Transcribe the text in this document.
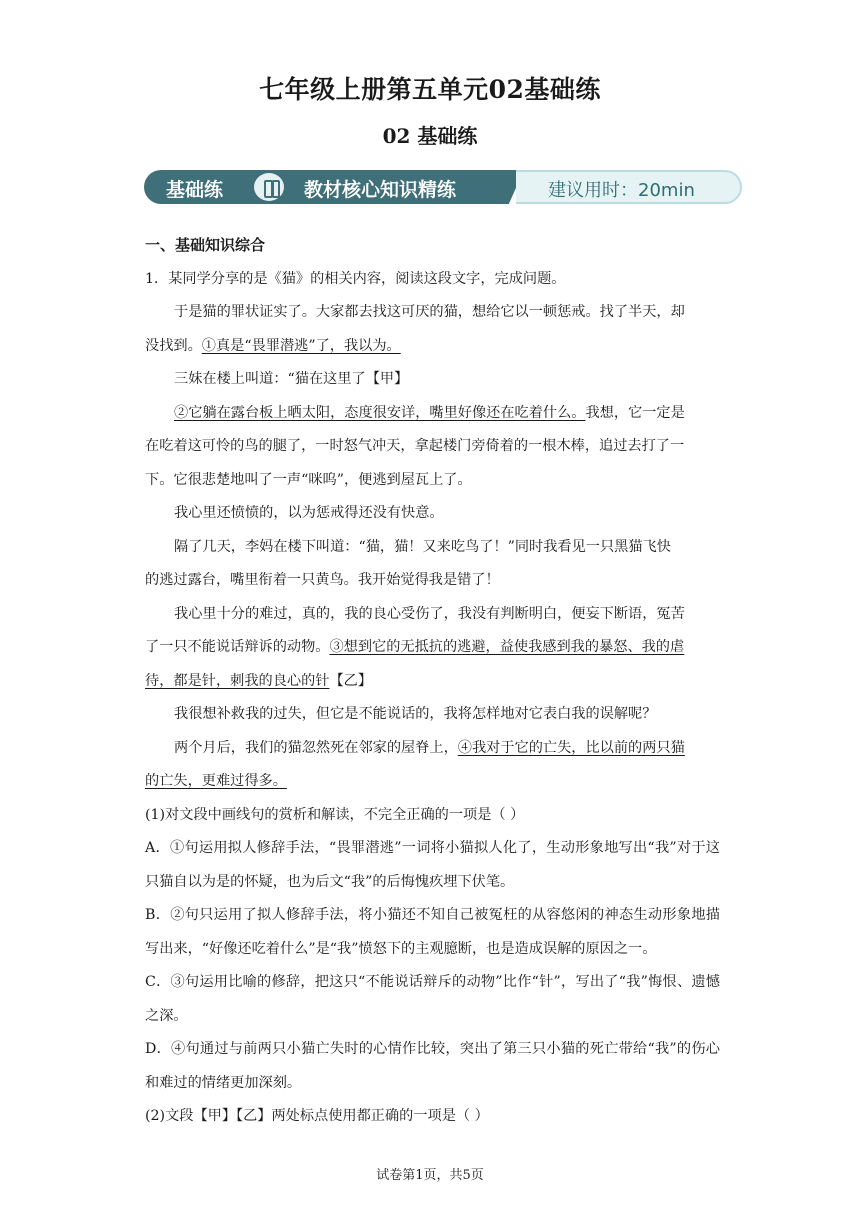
七年级上册第五单元02基础练
02 基础练
基础练	教材核心知识精练	建议用时：20min

一、基础知识综合

1．某同学分享的是《猫》的相关内容，阅读这段文字，完成问题。

于是猫的罪状证实了。大家都去找这可厌的猫，想给它以一顿惩戒。找了半天，却

没找到。①真是“畏罪潜逃”了，我以为。

三妹在楼上叫道：“猫在这里了【甲】

②它躺在露台板上晒太阳，态度很安详，嘴里好像还在吃着什么。我想，它一定是

在吃着这可怜的鸟的腿了，一时怒气冲天，拿起楼门旁倚着的一根木棒，追过去打了一

下。它很悲楚地叫了一声“咪呜”，便逃到屋瓦上了。

我心里还愤愤的，以为惩戒得还没有快意。

隔了几天，李妈在楼下叫道：“猫，猫！又来吃鸟了！”同时我看见一只黑猫飞快

的逃过露台，嘴里衔着一只黄鸟。我开始觉得我是错了！

我心里十分的难过，真的，我的良心受伤了，我没有判断明白，便妄下断语，冤苦

了一只不能说话辩诉的动物。③想到它的无抵抗的逃避，益使我感到我的暴怒、我的虐

待，都是针，刺我的良心的针【乙】

我很想补救我的过失，但它是不能说话的，我将怎样地对它表白我的误解呢？

两个月后，我们的猫忽然死在邻家的屋脊上，④我对于它的亡失，比以前的两只猫

的亡失，更难过得多。

(1)对文段中画线句的赏析和解读，不完全正确的一项是（ ）

A．①句运用拟人修辞手法，“畏罪潜逃”一词将小猫拟人化了，生动形象地写出“我”对于这只猫自以为是的怀疑，也为后文“我”的后悔愧疚埋下伏笔。

B．②句只运用了拟人修辞手法，将小猫还不知自己被冤枉的从容悠闲的神态生动形象地描写出来，“好像还吃着什么”是“我”愤怒下的主观臆断，也是造成误解的原因之一。

C．③句运用比喻的修辞，把这只“不能说话辩斥的动物”比作“针”，写出了“我”悔恨、遗憾之深。

D．④句通过与前两只小猫亡失时的心情作比较，突出了第三只小猫的死亡带给“我”的伤心和难过的情绪更加深刻。

(2)文段【甲】【乙】两处标点使用都正确的一项是（ ）

试卷第1页，共5页
